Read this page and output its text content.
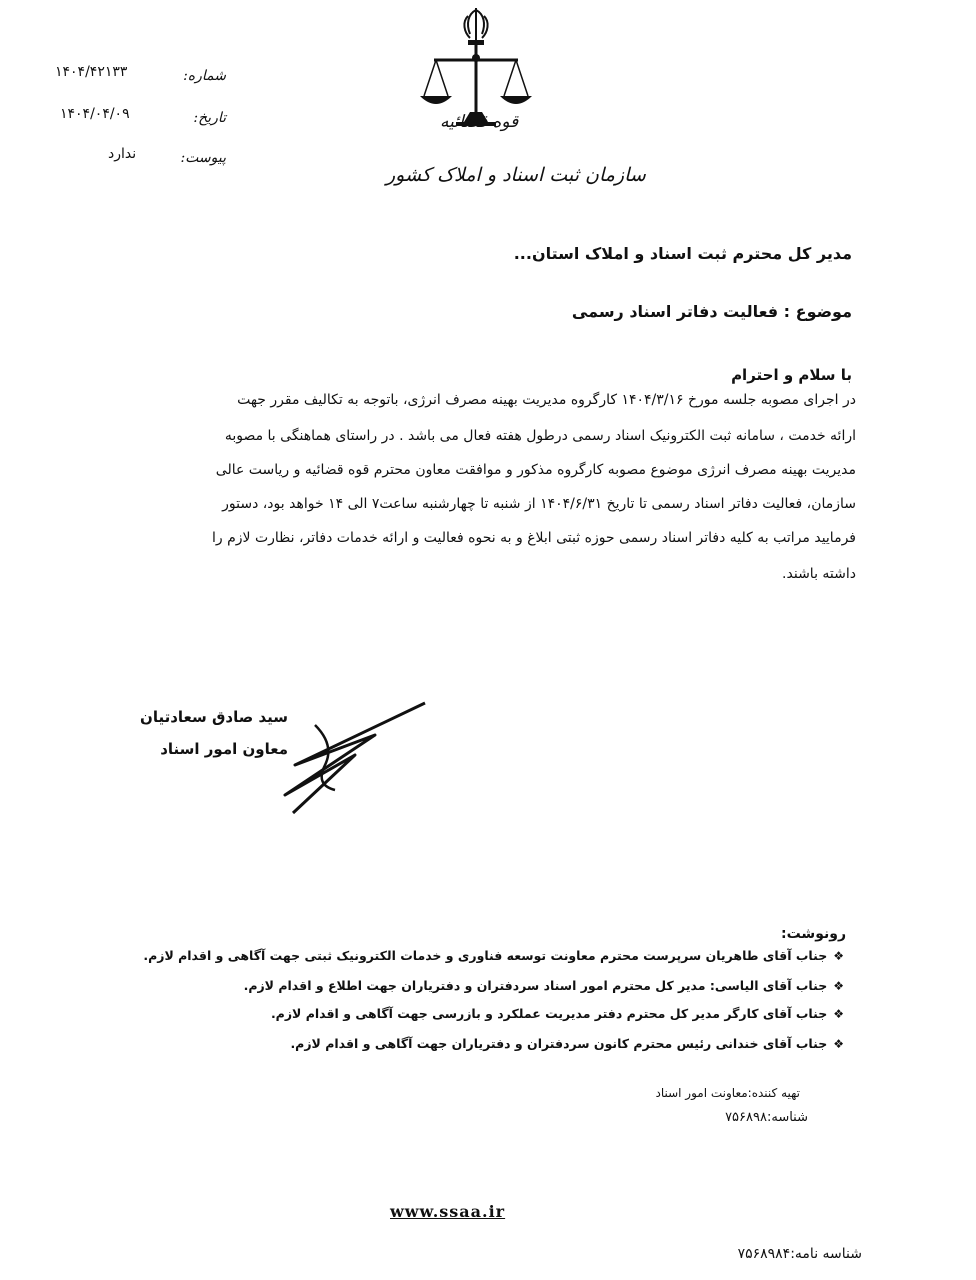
قوه قضائیه
سازمان ثبت اسناد و املاک کشور
شماره:
۱۴۰۴/۴۲۱۳۳
تاریخ:
۱۴۰۴/۰۴/۰۹
پیوست:
ندارد
مدیر کل محترم ثبت اسناد و املاک استان...
موضوع : فعالیت دفاتر اسناد رسمی
با سلام و احترام
در اجرای مصوبه جلسه مورخ ۱۴۰۴/۳/۱۶ کارگروه مدیریت بهینه مصرف انرژی، باتوجه به تکالیف مقرر جهت
ارائه خدمت ، سامانه ثبت الکترونیک اسناد رسمی درطول هفته فعال می باشد . در راستای هماهنگی با مصوبه
مدیریت بهینه مصرف انرژی موضوع مصوبه کارگروه مذکور و موافقت معاون محترم قوه قضائیه و ریاست عالی
سازمان، فعالیت دفاتر اسناد رسمی تا تاریخ ۱۴۰۴/۶/۳۱ از شنبه تا چهارشنبه ساعت۷ الی ۱۴ خواهد بود، دستور
فرمایید مراتب به کلیه دفاتر اسناد رسمی حوزه ثبتی ابلاغ و به نحوه فعالیت و ارائه خدمات دفاتر، نظارت لازم را
داشته باشند.
سید صادق سعادتیان
معاون امور اسناد
رونوشت:
❖جناب آقای طاهریان سرپرست محترم معاونت توسعه فناوری و خدمات الکترونیک ثبتی جهت آگاهی و اقدام لازم.
❖جناب آقای الیاسی: مدیر کل محترم امور اسناد سردفتران و دفتریاران جهت اطلاع و اقدام لازم.
❖جناب آقای کارگر مدیر کل محترم دفتر مدیریت عملکرد و بازرسی جهت آگاهی و اقدام لازم.
❖جناب آقای خندانی رئیس محترم کانون سردفتران و دفتریاران جهت آگاهی و اقدام لازم.
تهیه کننده:معاونت امور اسناد
شناسه:۷۵۶۸۹۸
www.ssaa.ir
شناسه نامه:۷۵۶۸۹۸۴
